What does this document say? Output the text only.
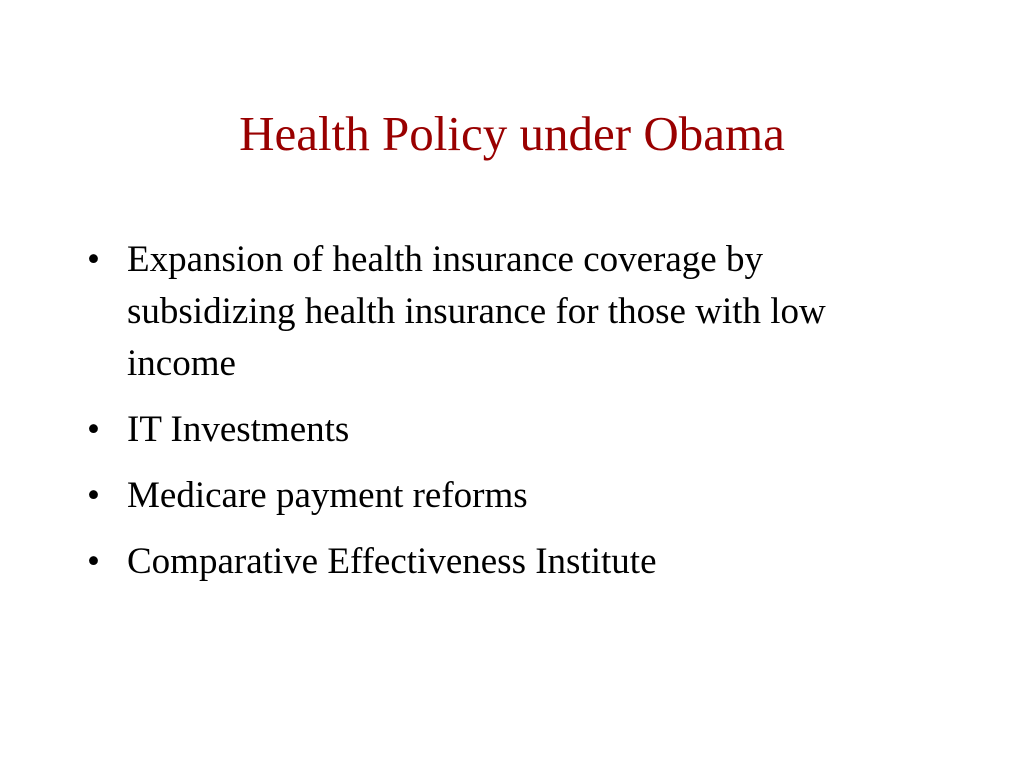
Health Policy under Obama
• Expansion of health insurance coverage by subsidizing health insurance for those with low income
• IT Investments
• Medicare payment reforms
• Comparative Effectiveness Institute
